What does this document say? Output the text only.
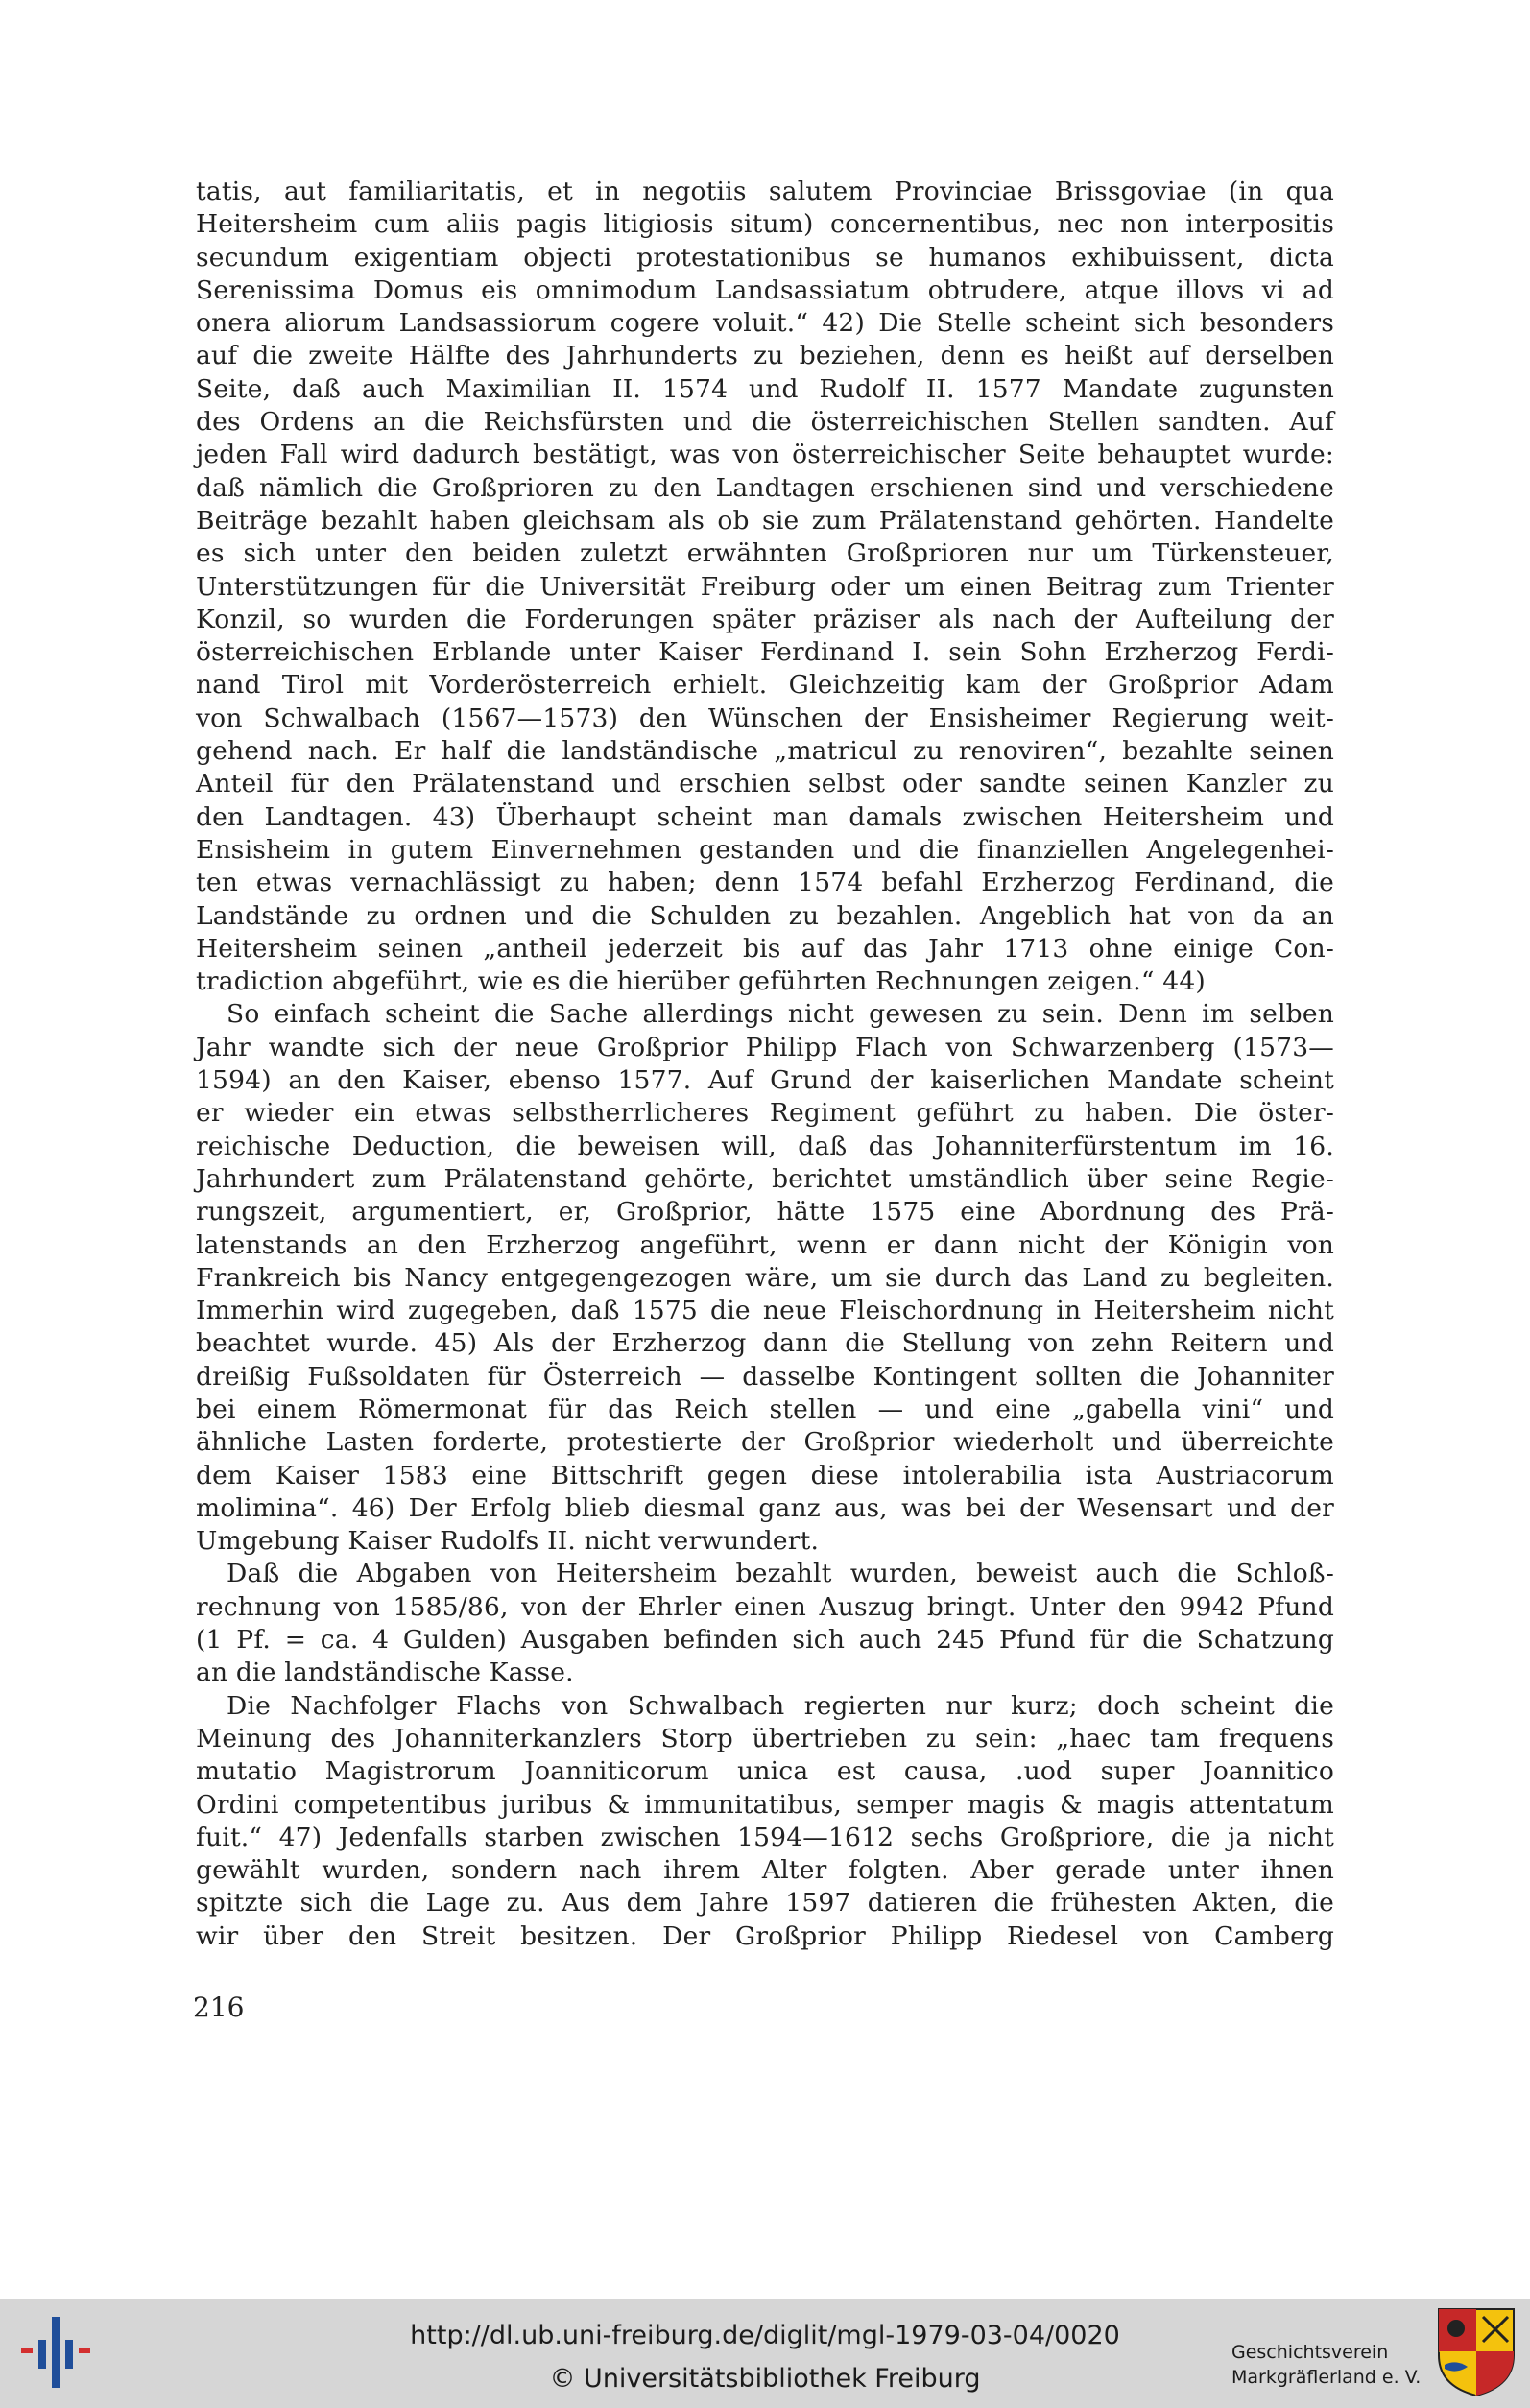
tatis, aut familiaritatis, et in negotiis salutem Provinciae Brissgoviae (in qua
Heitersheim cum aliis pagis litigiosis situm) concernentibus, nec non interpositis
secundum exigentiam objecti protestationibus se humanos exhibuissent, dicta
Serenissima Domus eis omnimodum Landsassiatum obtrudere, atque illovs vi ad
onera aliorum Landsassiorum cogere voluit.“ 42) Die Stelle scheint sich besonders
auf die zweite Hälfte des Jahrhunderts zu beziehen, denn es heißt auf derselben
Seite, daß auch Maximilian II. 1574 und Rudolf II. 1577 Mandate zugunsten
des Ordens an die Reichsfürsten und die österreichischen Stellen sandten. Auf
jeden Fall wird dadurch bestätigt, was von österreichischer Seite behauptet wurde:
daß nämlich die Großprioren zu den Landtagen erschienen sind und verschiedene
Beiträge bezahlt haben gleichsam als ob sie zum Prälatenstand gehörten. Handelte
es sich unter den beiden zuletzt erwähnten Großprioren nur um Türkensteuer,
Unterstützungen für die Universität Freiburg oder um einen Beitrag zum Trienter
Konzil, so wurden die Forderungen später präziser als nach der Aufteilung der
österreichischen Erblande unter Kaiser Ferdinand I. sein Sohn Erzherzog Ferdi-
nand Tirol mit Vorderösterreich erhielt. Gleichzeitig kam der Großprior Adam
von Schwalbach (1567—1573) den Wünschen der Ensisheimer Regierung weit-
gehend nach. Er half die landständische „matricul zu renoviren“, bezahlte seinen
Anteil für den Prälatenstand und erschien selbst oder sandte seinen Kanzler zu
den Landtagen. 43) Überhaupt scheint man damals zwischen Heitersheim und
Ensisheim in gutem Einvernehmen gestanden und die finanziellen Angelegenhei-
ten etwas vernachlässigt zu haben; denn 1574 befahl Erzherzog Ferdinand, die
Landstände zu ordnen und die Schulden zu bezahlen. Angeblich hat von da an
Heitersheim seinen „antheil jederzeit bis auf das Jahr 1713 ohne einige Con-
tradiction abgeführt, wie es die hierüber geführten Rechnungen zeigen.“ 44)
So einfach scheint die Sache allerdings nicht gewesen zu sein. Denn im selben
Jahr wandte sich der neue Großprior Philipp Flach von Schwarzenberg (1573—
1594) an den Kaiser, ebenso 1577. Auf Grund der kaiserlichen Mandate scheint
er wieder ein etwas selbstherrlicheres Regiment geführt zu haben. Die öster-
reichische Deduction, die beweisen will, daß das Johanniterfürstentum im 16.
Jahrhundert zum Prälatenstand gehörte, berichtet umständlich über seine Regie-
rungszeit, argumentiert, er, Großprior, hätte 1575 eine Abordnung des Prä-
latenstands an den Erzherzog angeführt, wenn er dann nicht der Königin von
Frankreich bis Nancy entgegengezogen wäre, um sie durch das Land zu begleiten.
Immerhin wird zugegeben, daß 1575 die neue Fleischordnung in Heitersheim nicht
beachtet wurde. 45) Als der Erzherzog dann die Stellung von zehn Reitern und
dreißig Fußsoldaten für Österreich — dasselbe Kontingent sollten die Johanniter
bei einem Römermonat für das Reich stellen — und eine „gabella vini“ und
ähnliche Lasten forderte, protestierte der Großprior wiederholt und überreichte
dem Kaiser 1583 eine Bittschrift gegen diese intolerabilia ista Austriacorum
molimina“. 46) Der Erfolg blieb diesmal ganz aus, was bei der Wesensart und der
Umgebung Kaiser Rudolfs II. nicht verwundert.
Daß die Abgaben von Heitersheim bezahlt wurden, beweist auch die Schloß-
rechnung von 1585/86, von der Ehrler einen Auszug bringt. Unter den 9942 Pfund
(1 Pf. = ca. 4 Gulden) Ausgaben befinden sich auch 245 Pfund für die Schatzung
an die landständische Kasse.
Die Nachfolger Flachs von Schwalbach regierten nur kurz; doch scheint die
Meinung des Johanniterkanzlers Storp übertrieben zu sein: „haec tam frequens
mutatio Magistrorum Joanniticorum unica est causa, .uod super Joannitico
Ordini competentibus juribus & immunitatibus, semper magis & magis attentatum
fuit.“ 47) Jedenfalls starben zwischen 1594—1612 sechs Großpriore, die ja nicht
gewählt wurden, sondern nach ihrem Alter folgten. Aber gerade unter ihnen
spitzte sich die Lage zu. Aus dem Jahre 1597 datieren die frühesten Akten, die
wir über den Streit besitzen. Der Großprior Philipp Riedesel von Camberg
216
http://dl.ub.uni-freiburg.de/diglit/mgl-1979-03-04/0020
© Universitätsbibliothek Freiburg
Geschichtsverein
Markgräflerland e. V.
